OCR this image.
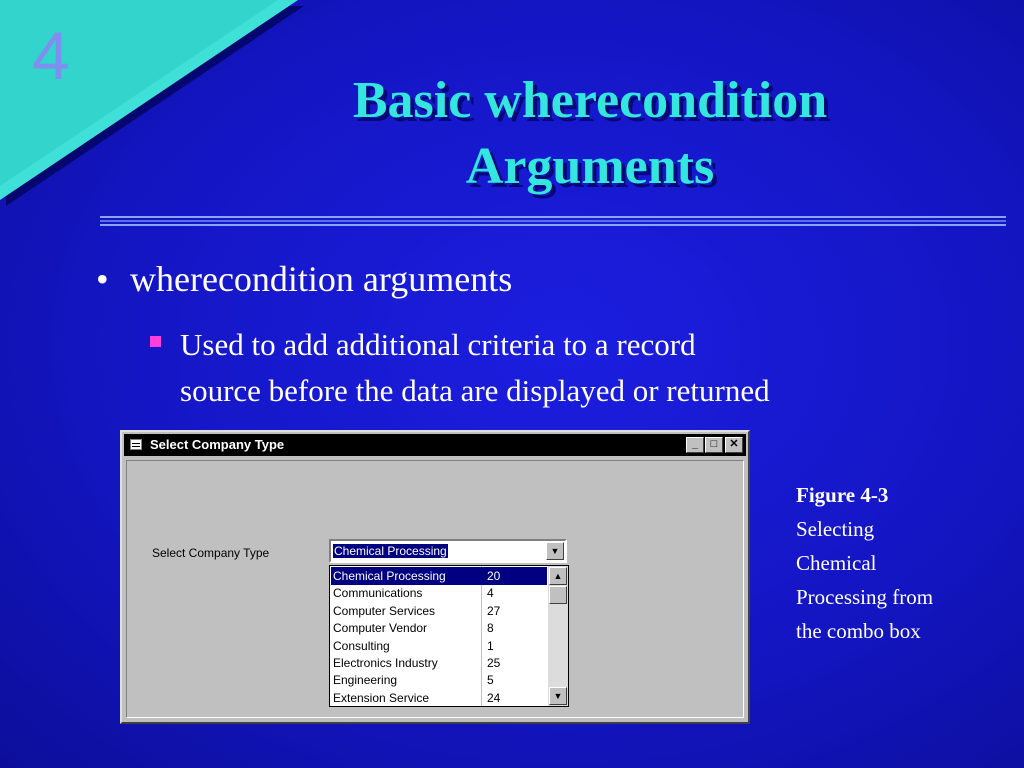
4
Basic wherecondition
Arguments
• wherecondition arguments
Used to add additional criteria to a record
source before the data are displayed or returned
Select Company Type	_	□	✕
Select Company Type	Chemical Processing	▼
Chemical Processing	20
Communications	4
Computer Services	27
Computer Vendor	8
Consulting	1
Electronics Industry	25
Engineering	5
Extension Service	24
▲
▼
Figure 4-3
Selecting Chemical Processing from the combo box
